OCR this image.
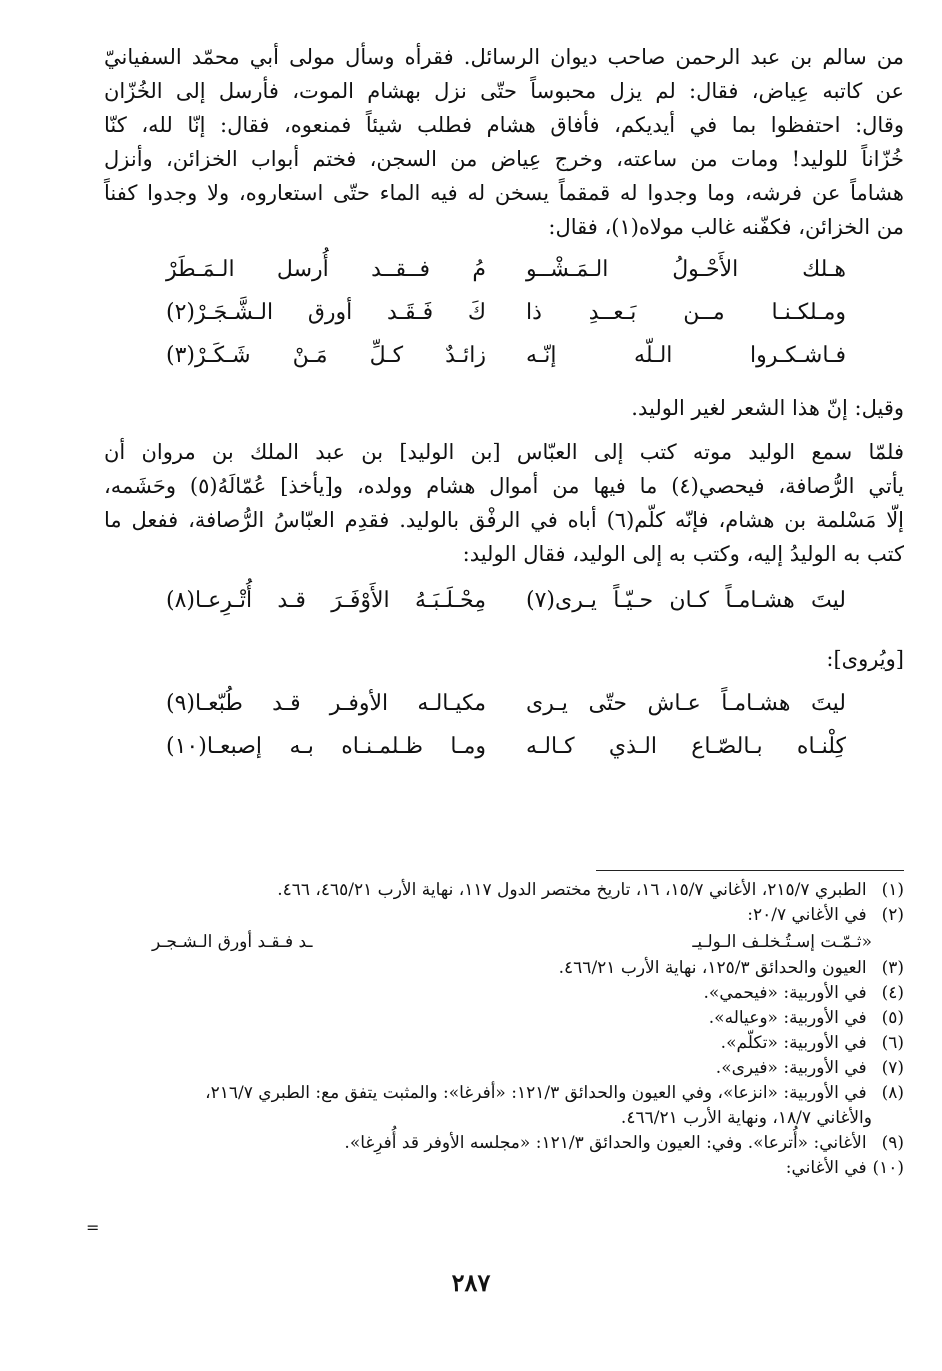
من سالم بن عبد الرحمن صاحب ديوان الرسائل. فقرأه وسأل مولى أبي محمّد السفيانيّ
عن كاتبه عِياض، فقال: لم يزل محبوساً حتّى نزل بهشام الموت، فأرسل إلى الخُزّان
وقال: احتفظوا بما في أيديكم، فأفاق هشام فطلب شيئاً فمنعوه، فقال: إنّا لله، كنّا
خُزّاناً للوليد! ومات من ساعته، وخرج عِياض من السجن، فختم أبواب الخزائن، وأنزل
هشاماً عن فرشه، وما وجدوا له قمقماً يسخن له فيه الماء حتّى استعاروه، ولا وجدوا كفناً
من الخزائن، فكفّنه غالب مولاه(١)، فقال:
هـلك الأَحْـولُ الـمَـشْــو
مُ فــقــد أُرسل الـمَـطَرْ
ومـلكـنـا مــن بَـعــدِ ذا
كَ فَـقَـد أورق الـشَّـجَـرْ(٢)
فـاشـكـروا الـلّه إنّـه
زائـدٌ كـلِّ مَـنْ شَـكَـرْ(٣)
وقيل: إنّ هذا الشعر لغير الوليد.
فلمّا سمع الوليد موته كتب إلى العبّاس [بن الوليد] بن عبد الملك بن مروان أن
يأتي الرُّصافة، فيحصي(٤) ما فيها من أموال هشام وولده، و[يأخذ] عُمّالَهُ(٥) وحَشَمه،
إلّا مَسْلمة بن هشام، فإنّه كلّم(٦) أباه في الرفْق بالوليد. فقدِم العبّاسُ الرُّصافة، ففعل ما
كتب به الوليدُ إليه، وكتب به إلى الوليد، فقال الوليد:
ليتَ هشـامـاً كـان حـيّـاً يـرى(٧)
مِحْـلَـبَـهُ الأَوْفَـرَ قـد أُتْـرِعـا(٨)
[ويُروى]:
ليتَ هشـامـاً عـاش حتّى يـرى
مكيـالـه الأوفـر قـد طُبّعـا(٩)
كِلْنـاه بـالصّـاع الـذي كـالـه
ومـا ظـلمـنـاه بـه إصبعـا(١٠)
(١) الطبري ٢١٥/٧، الأغاني ١٥/٧، ١٦، تاريخ مختصر الدول ١١٧، نهاية الأرب ٤٦٥/٢١، ٤٦٦.
(٢) في الأغاني ٢٠/٧:
«ثـمّـت إسـتُـخلـف الـولـيـ
ـد فـقـد أورق الـشـجـر
(٣) العيون والحدائق ١٢٥/٣، نهاية الأرب ٤٦٦/٢١.
(٤) في الأوربية: «فيحمي».
(٥) في الأوربية: «وعياله».
(٦) في الأوربية: «تكلّم».
(٧) في الأوربية: «فيرى».
(٨) في الأوربية: «انزعا»، وفي العيون والحدائق ١٢١/٣: «أفرغا»: والمثبت يتفق مع: الطبري ٢١٦/٧،
والأغاني ١٨/٧، ونهاية الأرب ٤٦٦/٢١.
(٩) الأغاني: «أُترعا». وفي: العيون والحدائق ١٢١/٣: «مجلسه الأوفر قد أُفرِغا».
(١٠) في الأغاني:
=
٢٨٧
